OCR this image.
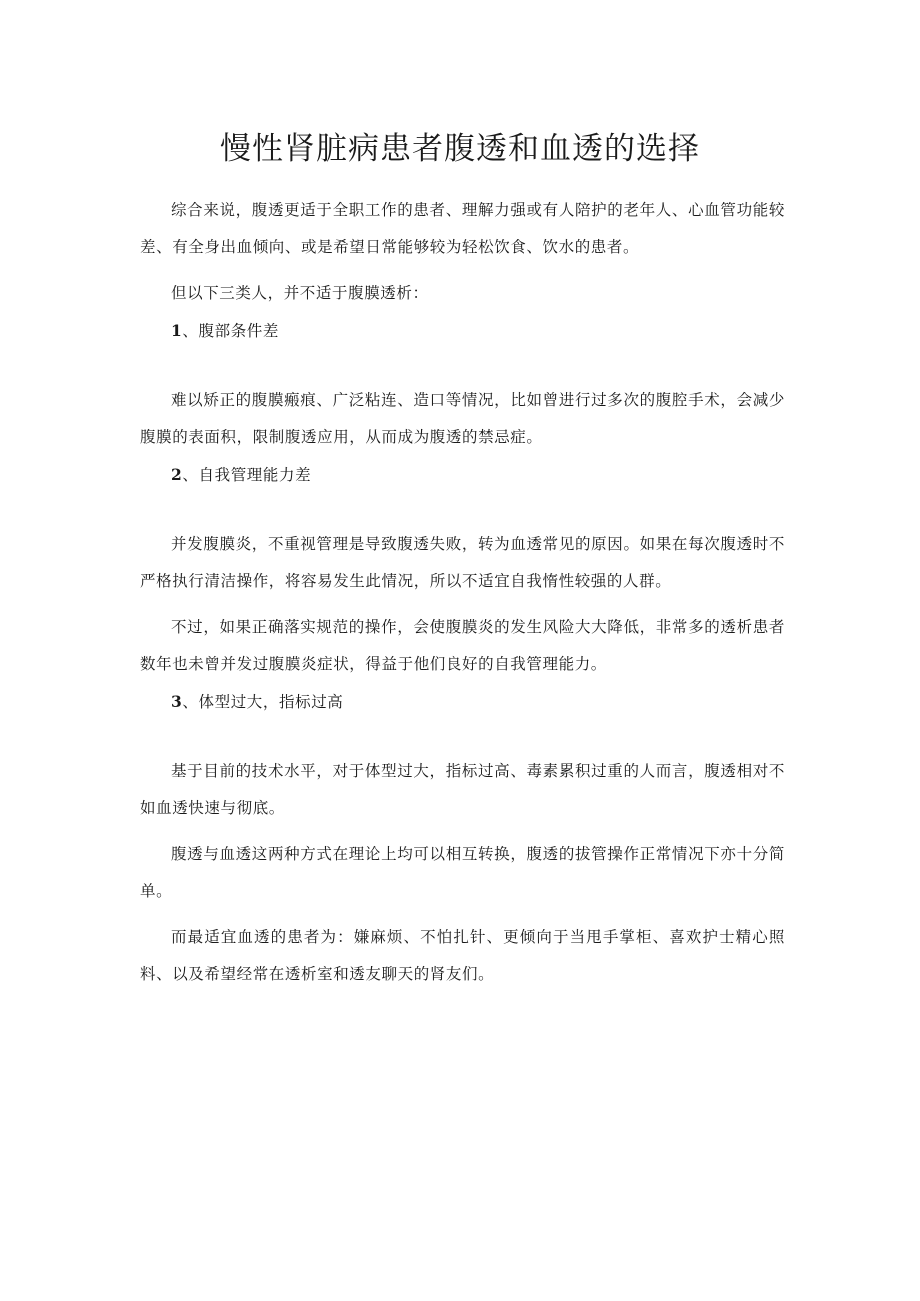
慢性肾脏病患者腹透和血透的选择

综合来说，腹透更适于全职工作的患者、理解力强或有人陪护的老年人、心血管功能较差、有全身出血倾向、或是希望日常能够较为轻松饮食、饮水的患者。

但以下三类人，并不适于腹膜透析：

1、腹部条件差

难以矫正的腹膜瘢痕、广泛粘连、造口等情况，比如曾进行过多次的腹腔手术，会减少腹膜的表面积，限制腹透应用，从而成为腹透的禁忌症。

2、自我管理能力差

并发腹膜炎，不重视管理是导致腹透失败，转为血透常见的原因。如果在每次腹透时不严格执行清洁操作，将容易发生此情况，所以不适宜自我惰性较强的人群。

不过，如果正确落实规范的操作，会使腹膜炎的发生风险大大降低，非常多的透析患者数年也未曾并发过腹膜炎症状，得益于他们良好的自我管理能力。

3、体型过大，指标过高

基于目前的技术水平，对于体型过大，指标过高、毒素累积过重的人而言，腹透相对不如血透快速与彻底。

腹透与血透这两种方式在理论上均可以相互转换，腹透的拔管操作正常情况下亦十分简单。

而最适宜血透的患者为：嫌麻烦、不怕扎针、更倾向于当甩手掌柜、喜欢护士精心照料、以及希望经常在透析室和透友聊天的肾友们。
